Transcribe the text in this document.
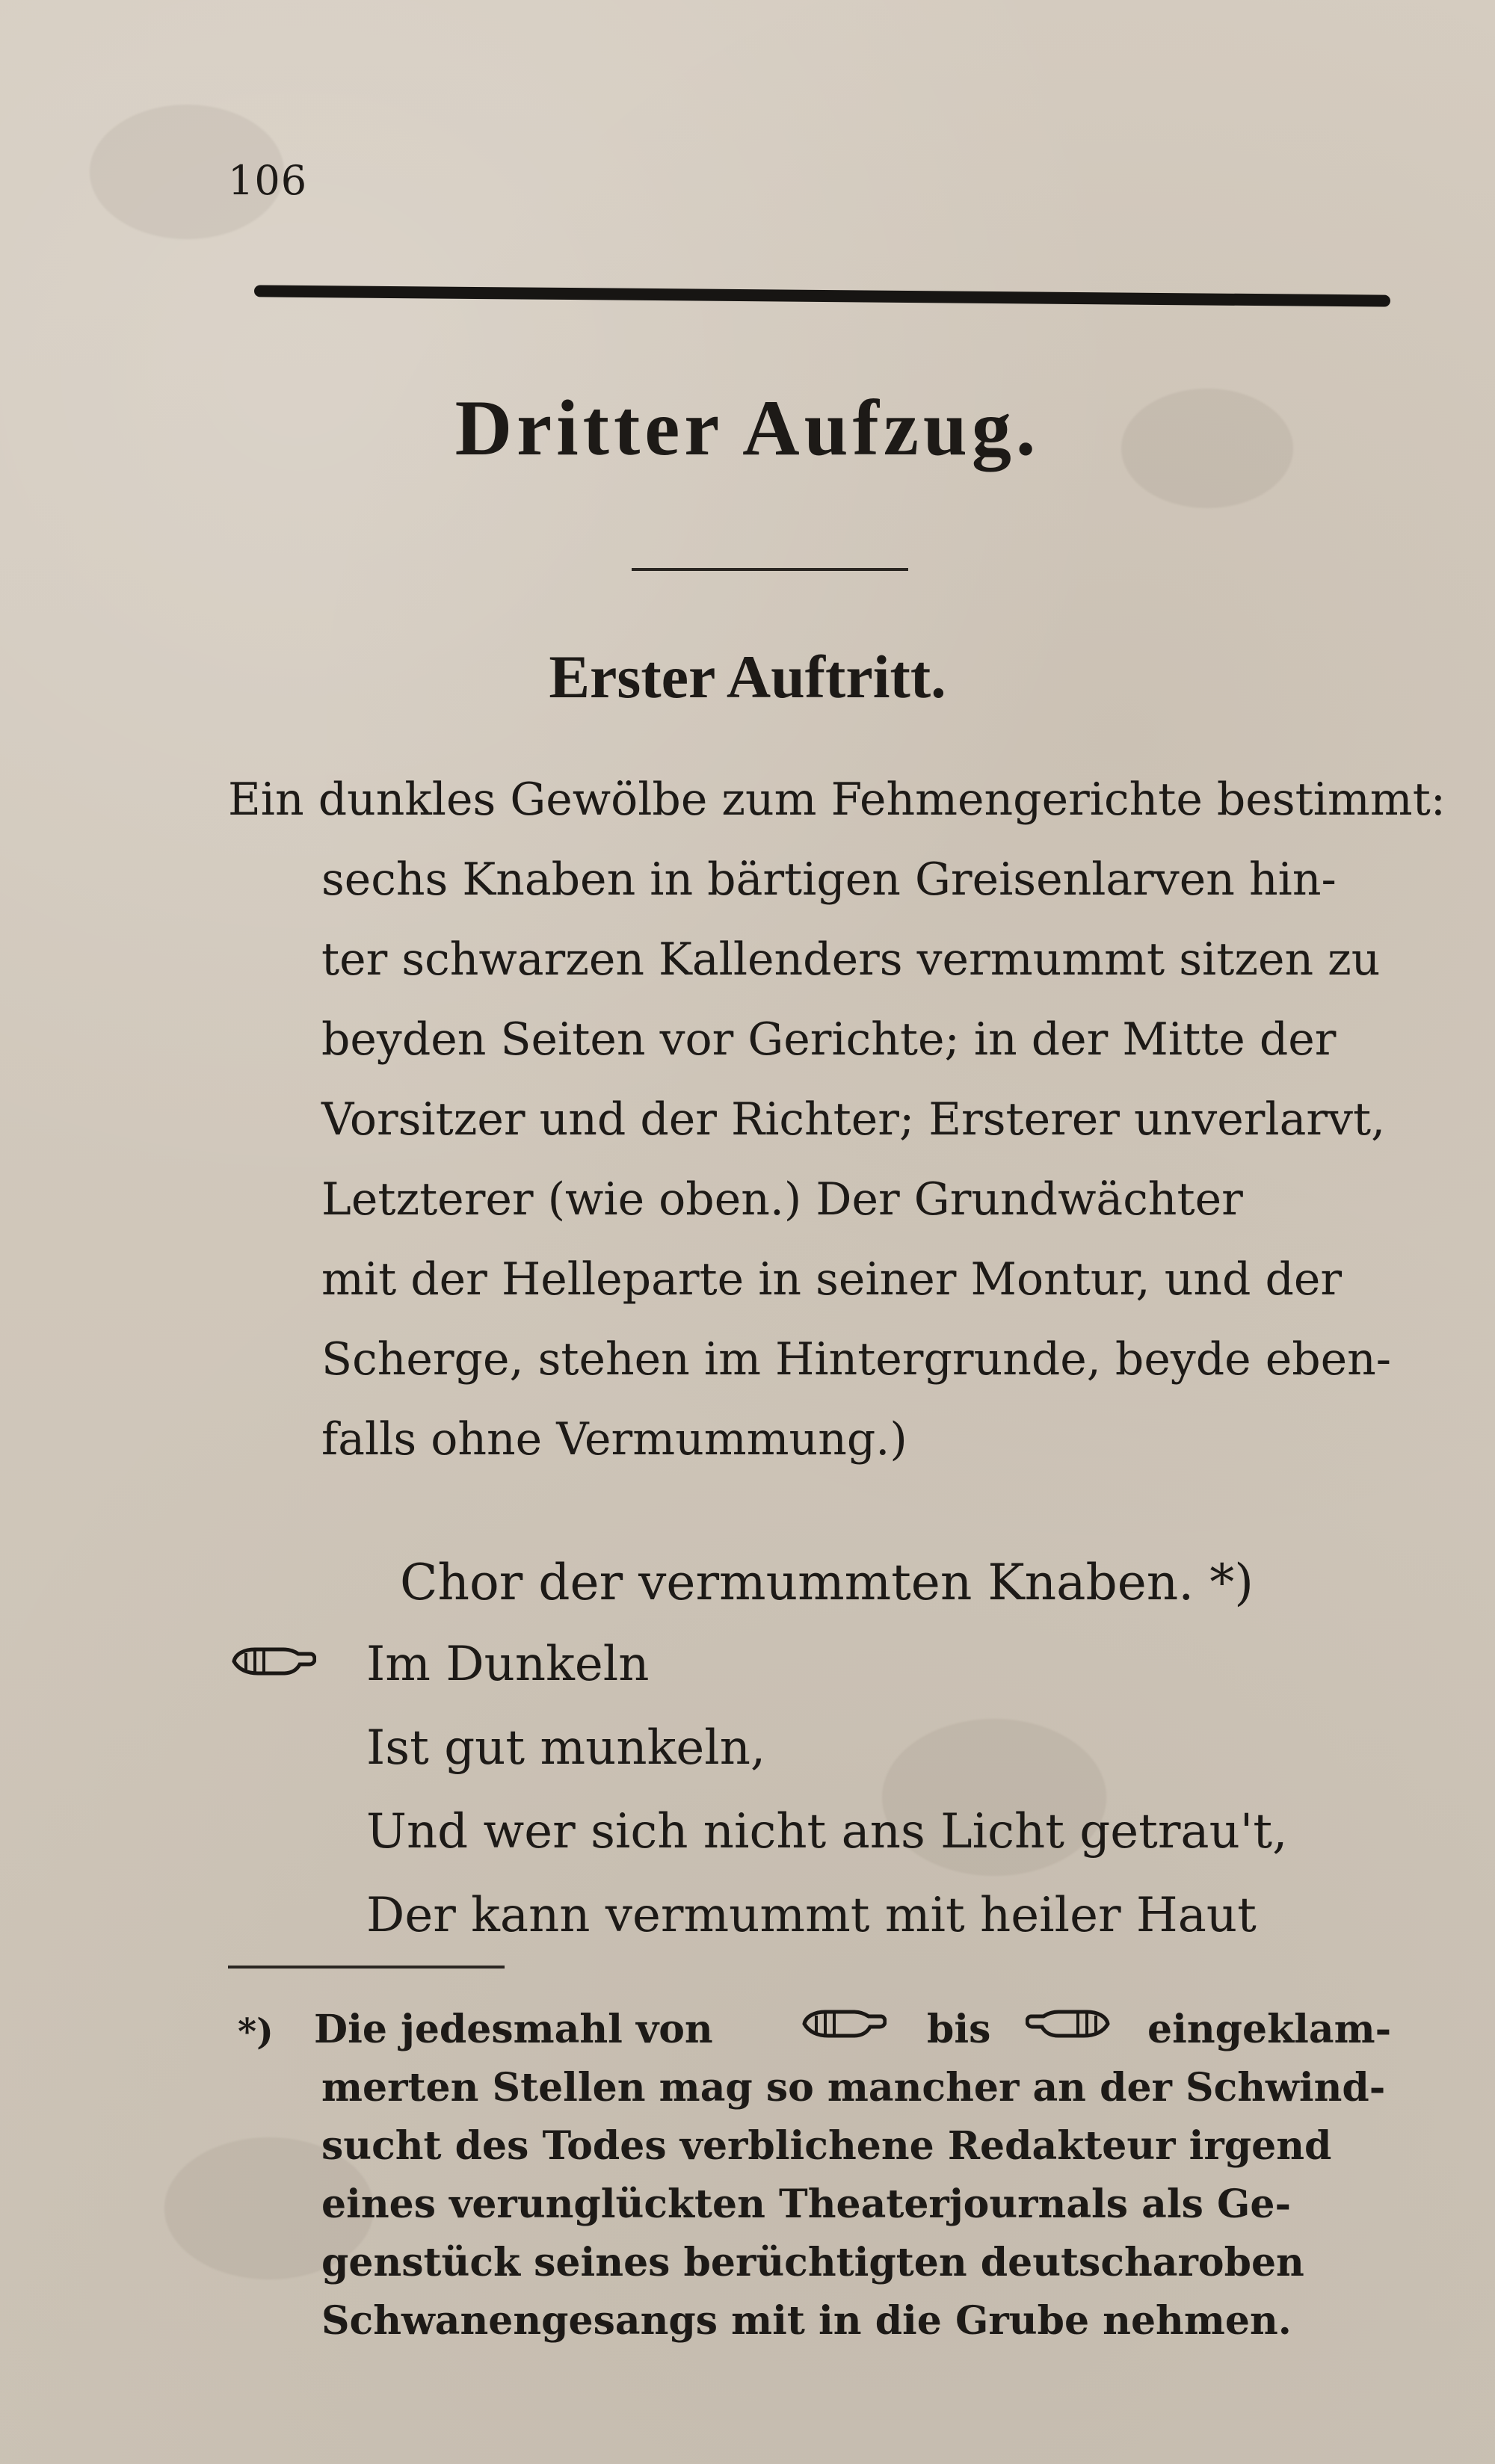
106
Dritter Aufzug.
Erster Auftritt.
Ein dunkles Gewölbe zum Fehmengerichte bestimmt:
sechs Knaben in bärtigen Greisenlarven hin-
ter schwarzen Kallenders vermummt sitzen zu
beyden Seiten vor Gerichte; in der Mitte der
Vorsitzer und der Richter; Ersterer unverlarvt,
Letzterer (wie oben.) Der Grundwächter
mit der Helleparte in seiner Montur, und der
Scherge, stehen im Hintergrunde, beyde eben-
falls ohne Vermummung.)
Chor der vermummten Knaben. *)
Im Dunkeln
Ist gut munkeln,
Und wer sich nicht ans Licht getrau't,
Der kann vermummt mit heiler Haut
*) Die jedesmahl von	bis	eingeklam-
merten Stellen mag so mancher an der Schwind-
sucht des Todes verblichene Redakteur irgend
eines verunglückten Theaterjournals als Ge-
genstück seines berüchtigten deutscharoben
Schwanengesangs mit in die Grube nehmen.
